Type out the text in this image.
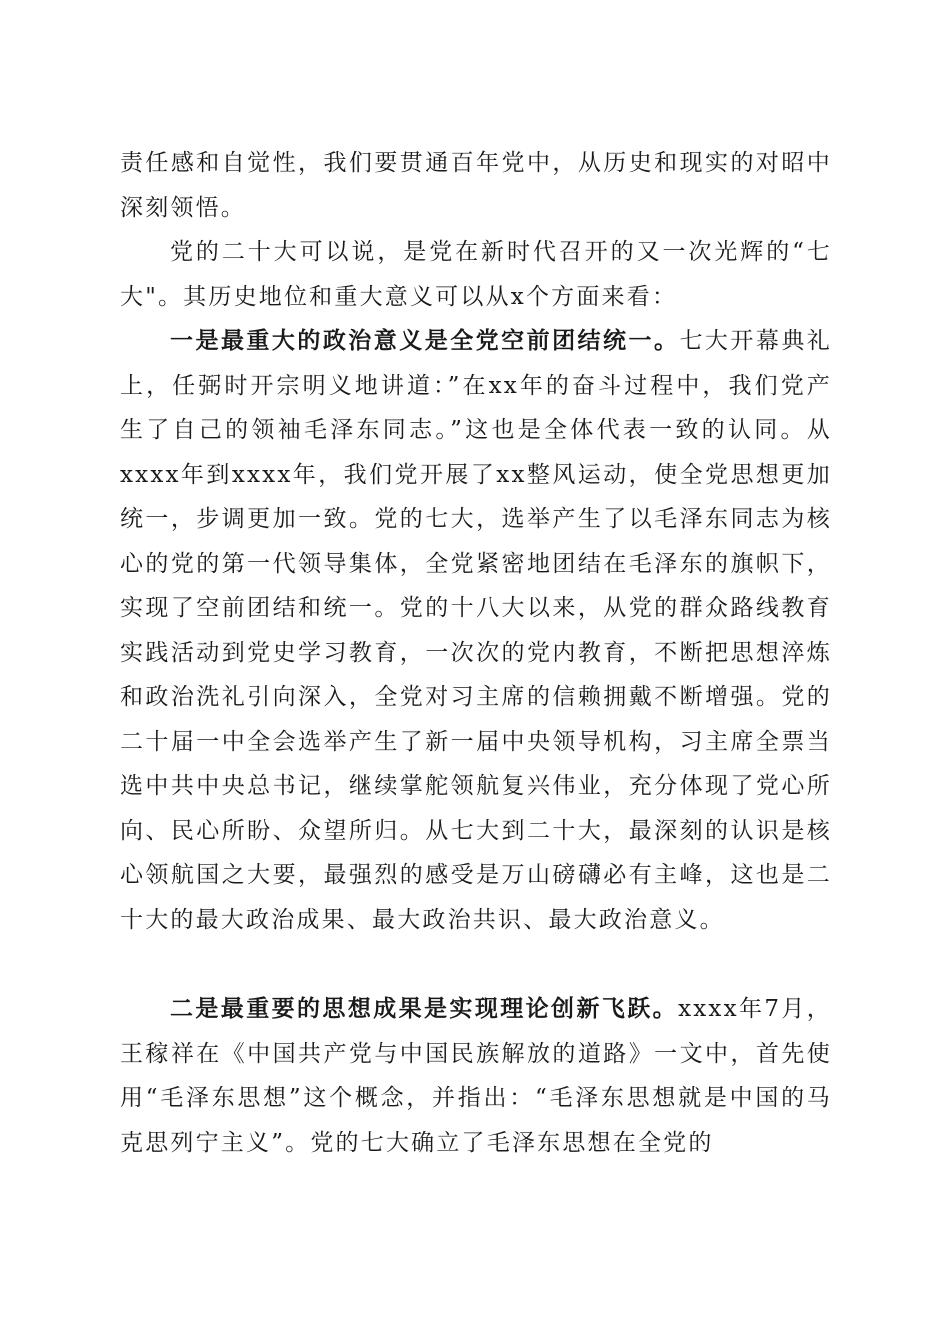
责任感和自觉性，我们要贯通百年党中，从历史和现实的对昭中深刻领悟。

党的二十大可以说，是党在新时代召开的又一次光辉的“七大"。其历史地位和重大意义可以从x个方面来看：

一是最重大的政治意义是全党空前团结统一。七大开幕典礼上，任弼时开宗明义地讲道：”在xx年的奋斗过程中，我们党产生了自己的领袖毛泽东同志。”这也是全体代表一致的认同。从xxxx年到xxxx年，我们党开展了xx整风运动，使全党思想更加统一，步调更加一致。党的七大，选举产生了以毛泽东同志为核心的党的第一代领导集体，全党紧密地团结在毛泽东的旗帜下，实现了空前团结和统一。党的十八大以来，从党的群众路线教育实践活动到党史学习教育，一次次的党内教育，不断把思想淬炼和政治洗礼引向深入，全党对习主席的信赖拥戴不断增强。党的二十届一中全会选举产生了新一届中央领导机构，习主席全票当选中共中央总书记，继续掌舵领航复兴伟业，充分体现了党心所向、民心所盼、众望所归。从七大到二十大，最深刻的认识是核心领航国之大要，最强烈的感受是万山磅礴必有主峰，这也是二十大的最大政治成果、最大政治共识、最大政治意义。

二是最重要的思想成果是实现理论创新飞跃。xxxx年7月，王稼祥在《中国共产党与中国民族解放的道路》一文中，首先使用“毛泽东思想”这个概念，并指出：“毛泽东思想就是中国的马克思列宁主义”。党的七大确立了毛泽东思想在全党的
